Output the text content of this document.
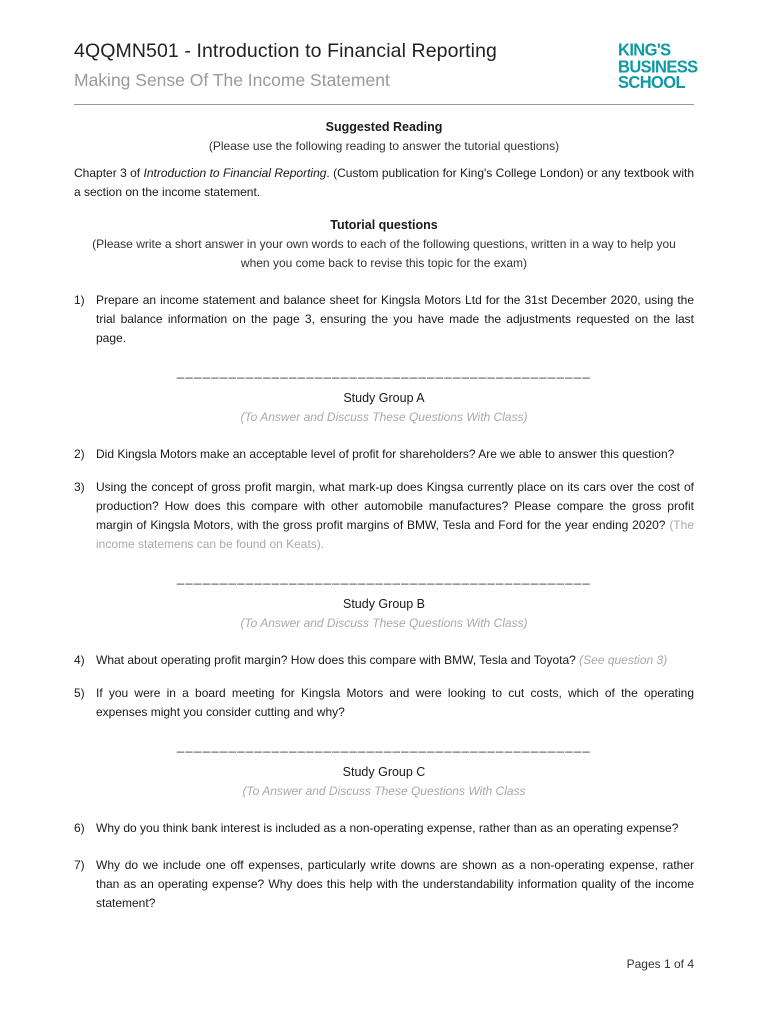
4QQMN501 - Introduction to Financial Reporting
Making Sense Of The Income Statement
KING'S
BUSINESS
SCHOOL
Suggested Reading
(Please use the following reading to answer the tutorial questions)
Chapter 3 of Introduction to Financial Reporting. (Custom publication for King's College London) or any textbook with a section on the income statement.
Tutorial questions
(Please write a short answer in your own words to each of the following questions, written in a way to help you
when you come back to revise this topic for the exam)
1) Prepare an income statement and balance sheet for Kingsla Motors Ltd for the 31st December 2020, using the trial balance information on the page 3, ensuring the you have made the adjustments requested on the last page.
________________________________________________
Study Group A
(To Answer and Discuss These Questions With Class)
2) Did Kingsla Motors make an acceptable level of profit for shareholders? Are we able to answer this question?
3) Using the concept of gross profit margin, what mark-up does Kingsa currently place on its cars over the cost of production? How does this compare with other automobile manufactures? Please compare the gross profit margin of Kingsla Motors, with the gross profit margins of BMW, Tesla and Ford for the year ending 2020? (The income statemens can be found on Keats).
________________________________________________
Study Group B
(To Answer and Discuss These Questions With Class)
4) What about operating profit margin? How does this compare with BMW, Tesla and Toyota? (See question 3)
5) If you were in a board meeting for Kingsla Motors and were looking to cut costs, which of the operating expenses might you consider cutting and why?
________________________________________________
Study Group C
(To Answer and Discuss These Questions With Class
6) Why do you think bank interest is included as a non-operating expense, rather than as an operating expense?
7) Why do we include one off expenses, particularly write downs are shown as a non-operating expense, rather than as an operating expense? Why does this help with the understandability information quality of the income statement?
Pages 1 of 4
